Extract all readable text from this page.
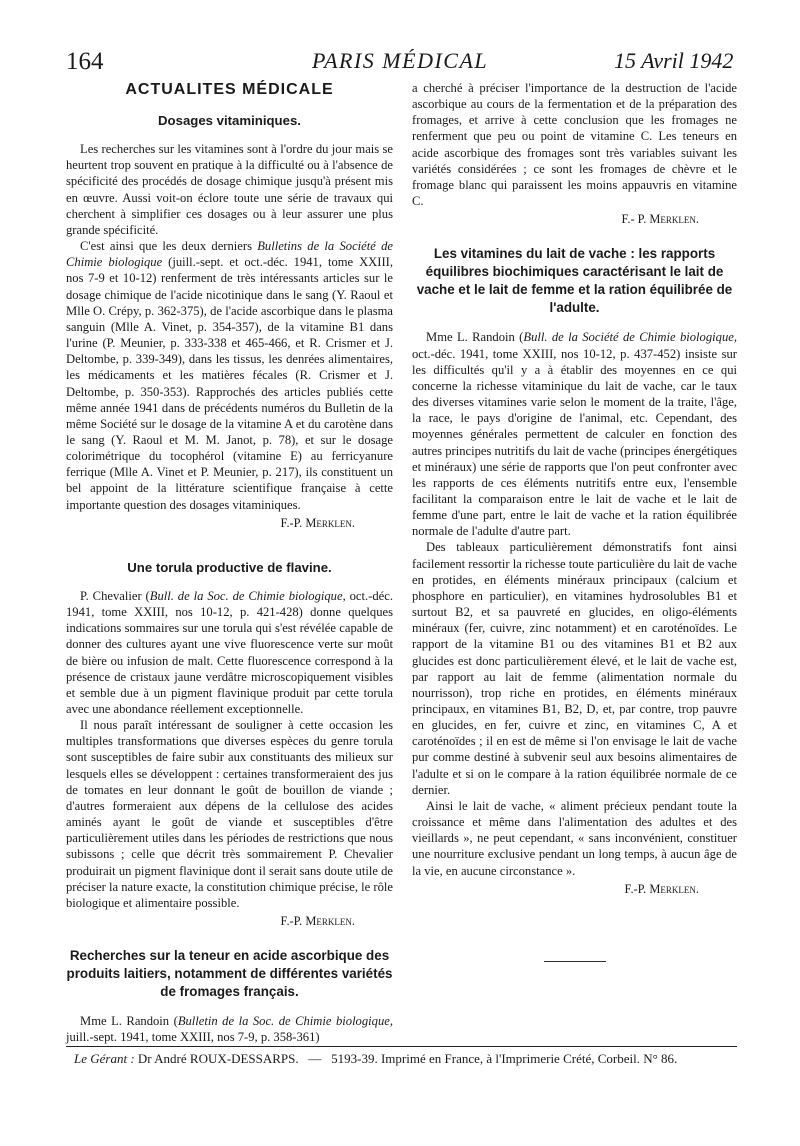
164	PARIS MÉDICAL	15 Avril 1942
ACTUALITES MÉDICALE
Dosages vitaminiques.

Les recherches sur les vitamines sont à l'ordre du jour mais se heurtent trop souvent en pratique à la difficulté ou à l'absence de spécificité des procédés de dosage chimique jusqu'à présent mis en œuvre. Aussi voit-on éclore toute une série de travaux qui cherchent à simplifier ces dosages ou à leur assurer une plus grande spécificité.

C'est ainsi que les deux derniers Bulletins de la Société de Chimie biologique (juill.-sept. et oct.-déc. 1941, tome XXIII, nos 7-9 et 10-12) renferment de très intéressants articles sur le dosage chimique de l'acide nicotinique dans le sang (Y. Raoul et Mlle O. Crépy, p. 362-375), de l'acide ascorbique dans le plasma sanguin (Mlle A. Vinet, p. 354-357), de la vitamine B1 dans l'urine (P. Meunier, p. 333-338 et 465-466, et R. Crismer et J. Deltombe, p. 339-349), dans les tissus, les denrées alimentaires, les médicaments et les matières fécales (R. Crismer et J. Deltombe, p. 350-353). Rapprochés des articles publiés cette même année 1941 dans de précédents numéros du Bulletin de la même Société sur le dosage de la vitamine A et du carotène dans le sang (Y. Raoul et M. M. Janot, p. 78), et sur le dosage colorimétrique du tocophérol (vitamine E) au ferricyanure ferrique (Mlle A. Vinet et P. Meunier, p. 217), ils constituent un bel appoint de la littérature scientifique française à cette importante question des dosages vitaminiques.

F.-P. Merklen.
Une torula productive de flavine.

P. Chevalier (Bull. de la Soc. de Chimie biologique, oct.-déc. 1941, tome XXIII, nos 10-12, p. 421-428) donne quelques indications sommaires sur une torula qui s'est révélée capable de donner des cultures ayant une vive fluorescence verte sur moût de bière ou infusion de malt. Cette fluorescence correspond à la présence de cristaux jaune verdâtre microscopiquement visibles et semble due à un pigment flavinique produit par cette torula avec une abondance réellement exceptionnelle.

Il nous paraît intéressant de souligner à cette occasion les multiples transformations que diverses espèces du genre torula sont susceptibles de faire subir aux constituants des milieux sur lesquels elles se développent : certaines transformeraient des jus de tomates en leur donnant le goût de bouillon de viande ; d'autres formeraient aux dépens de la cellulose des acides aminés ayant le goût de viande et susceptibles d'être particulièrement utiles dans les périodes de restrictions que nous subissons ; celle que décrit très sommairement P. Chevalier produirait un pigment flavinique dont il serait sans doute utile de préciser la nature exacte, la constitution chimique précise, le rôle biologique et alimentaire possible.

F.-P. Merklen.
Recherches sur la teneur en acide ascorbique des produits laitiers, notamment de différentes variétés de fromages français.

Mme L. Randoin (Bulletin de la Soc. de Chimie biologique, juill.-sept. 1941, tome XXIII, nos 7-9, p. 358-361)

a cherché à préciser l'importance de la destruction de l'acide ascorbique au cours de la fermentation et de la préparation des fromages, et arrive à cette conclusion que les fromages ne renferment que peu ou point de vitamine C. Les teneurs en acide ascorbique des fromages sont très variables suivant les variétés considérées ; ce sont les fromages de chèvre et le fromage blanc qui paraissent les moins appauvris en vitamine C.

F.- P. Merklen.
Les vitamines du lait de vache : les rapports équilibres biochimiques caractérisant le lait de vache et le lait de femme et la ration équilibrée de l'adulte.

Mme L. Randoin (Bull. de la Société de Chimie biologique, oct.-déc. 1941, tome XXIII, nos 10-12, p. 437-452) insiste sur les difficultés qu'il y a à établir des moyennes en ce qui concerne la richesse vitaminique du lait de vache, car le taux des diverses vitamines varie selon le moment de la traite, l'âge, la race, le pays d'origine de l'animal, etc. Cependant, des moyennes générales permettent de calculer en fonction des autres principes nutritifs du lait de vache (principes énergétiques et minéraux) une série de rapports que l'on peut confronter avec les rapports de ces éléments nutritifs entre eux, l'ensemble facilitant la comparaison entre le lait de vache et le lait de femme d'une part, entre le lait de vache et la ration équilibrée normale de l'adulte d'autre part.

Des tableaux particulièrement démonstratifs font ainsi facilement ressortir la richesse toute particulière du lait de vache en protides, en éléments minéraux principaux (calcium et phosphore en particulier), en vitamines hydrosolubles B1 et surtout B2, et sa pauvreté en glucides, en oligo-éléments minéraux (fer, cuivre, zinc notamment) et en caroténoïdes. Le rapport de la vitamine B1 ou des vitamines B1 et B2 aux glucides est donc particulièrement élevé, et le lait de vache est, par rapport au lait de femme (alimentation normale du nourrisson), trop riche en protides, en éléments minéraux principaux, en vitamines B1, B2, D, et, par contre, trop pauvre en glucides, en fer, cuivre et zinc, en vitamines C, A et caroténoïdes ; il en est de même si l'on envisage le lait de vache pur comme destiné à subvenir seul aux besoins alimentaires de l'adulte et si on le compare à la ration équilibrée normale de ce dernier.

Ainsi le lait de vache, « aliment précieux pendant toute la croissance et même dans l'alimentation des adultes et des vieillards », ne peut cependant, « sans inconvénient, constituer une nourriture exclusive pendant un long temps, à aucun âge de la vie, en aucune circonstance ».

F.-P. Merklen.
Le Gérant : Dr André ROUX-DESSARPS. — 5193-39. Imprimé en France, à l'Imprimerie Crété, Corbeil. N° 86.
